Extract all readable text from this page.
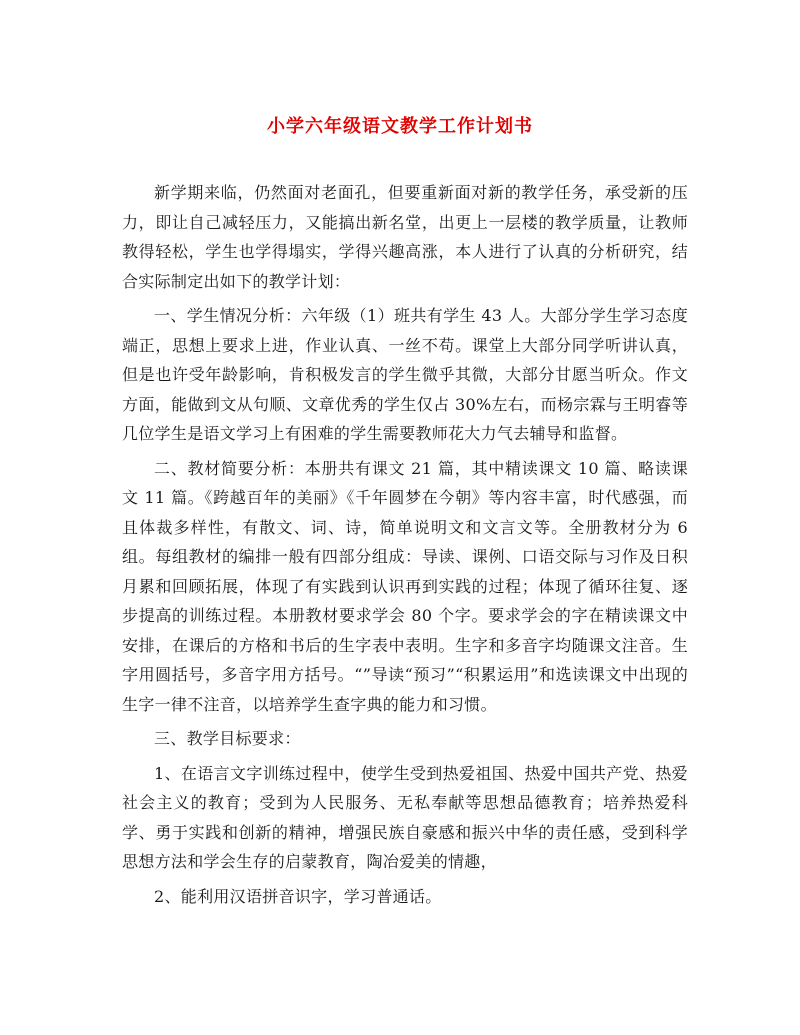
小学六年级语文教学工作计划书

新学期来临，仍然面对老面孔，但要重新面对新的教学任务，承受新的压力，即让自己减轻压力，又能搞出新名堂，出更上一层楼的教学质量，让教师教得轻松，学生也学得塌实，学得兴趣高涨，本人进行了认真的分析研究，结合实际制定出如下的教学计划：

一、学生情况分析：六年级（1）班共有学生 43 人。大部分学生学习态度端正，思想上要求上进，作业认真、一丝不苟。课堂上大部分同学听讲认真，但是也许受年龄影响，肯积极发言的学生微乎其微，大部分甘愿当听众。作文方面，能做到文从句顺、文章优秀的学生仅占 30%左右，而杨宗霖与王明睿等几位学生是语文学习上有困难的学生需要教师花大力气去辅导和监督。

二、教材简要分析：本册共有课文 21 篇，其中精读课文 10 篇、略读课文 11 篇。《跨越百年的美丽》《千年圆梦在今朝》等内容丰富，时代感强，而且体裁多样性，有散文、词、诗，简单说明文和文言文等。全册教材分为 6 组。每组教材的编排一般有四部分组成：导读、课例、口语交际与习作及日积月累和回顾拓展，体现了有实践到认识再到实践的过程；体现了循环往复、逐步提高的训练过程。本册教材要求学会 80 个字。要求学会的字在精读课文中安排，在课后的方格和书后的生字表中表明。生字和多音字均随课文注音。生字用圆括号，多音字用方括号。“”导读“预习”“积累运用”和选读课文中出现的生字一律不注音，以培养学生查字典的能力和习惯。

三、教学目标要求：

1、在语言文字训练过程中，使学生受到热爱祖国、热爱中国共产党、热爱社会主义的教育；受到为人民服务、无私奉献等思想品德教育；培养热爱科学、勇于实践和创新的精神，增强民族自豪感和振兴中华的责任感，受到科学思想方法和学会生存的启蒙教育，陶冶爱美的情趣，

2、能利用汉语拼音识字，学习普通话。
